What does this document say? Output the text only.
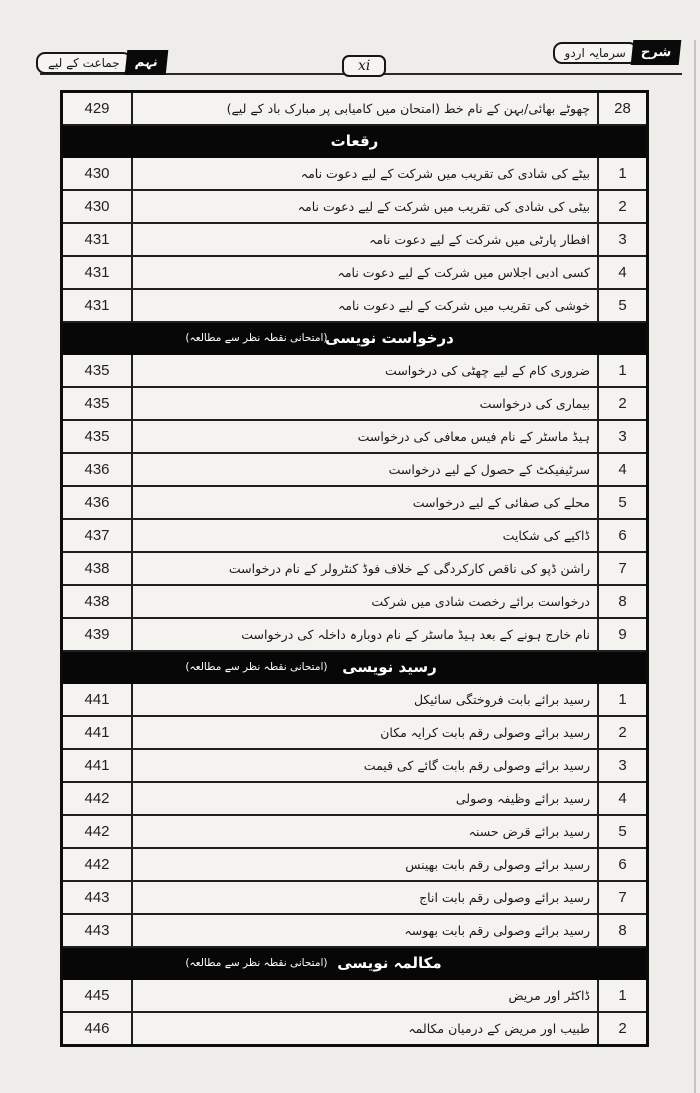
جماعت کے لیے	نہم	xi
سرمایہ اردو	شرح
429	چھوٹے بھائی/بہن کے نام خط (امتحان میں کامیابی پر مبارک باد کے لیے)	28
رقعات
430	بیٹے کی شادی کی تقریب میں شرکت کے لیے دعوت نامہ	1
430	بیٹی کی شادی کی تقریب میں شرکت کے لیے دعوت نامہ	2
431	افطار پارٹی میں شرکت کے لیے دعوت نامہ	3
431	کسی ادبی اجلاس میں شرکت کے لیے دعوت نامہ	4
431	خوشی کی تقریب میں شرکت کے لیے دعوت نامہ	5
درخواست نویسی
(امتحانی نقطہ نظر سے مطالعہ)
435	ضروری کام کے لیے چھٹی کی درخواست	1
435	بیماری کی درخواست	2
435	ہیڈ ماسٹر کے نام فیس معافی کی درخواست	3
436	سرٹیفیکٹ کے حصول کے لیے درخواست	4
436	محلے کی صفائی کے لیے درخواست	5
437	ڈاکیے کی شکایت	6
438	راشن ڈپو کی ناقص کارکردگی کے خلاف فوڈ کنٹرولر کے نام درخواست	7
438	درخواست برائے رخصت شادی میں شرکت	8
439	نام خارج ہونے کے بعد ہیڈ ماسٹر کے نام دوبارہ داخلہ کی درخواست	9
رسید نویسی
(امتحانی نقطہ نظر سے مطالعہ)
441	رسید برائے بابت فروختگی سائیکل	1
441	رسید برائے وصولی رقم بابت کرایہ مکان	2
441	رسید برائے وصولی رقم بابت گائے کی قیمت	3
442	رسید برائے وظیفہ وصولی	4
442	رسید برائے قرض حسنہ	5
442	رسید برائے وصولی رقم بابت بھینس	6
443	رسید برائے وصولی رقم بابت اناج	7
443	رسید برائے وصولی رقم بابت بھوسہ	8
مکالمہ نویسی
(امتحانی نقطہ نظر سے مطالعہ)
445	ڈاکٹر اور مریض	1
446	طبیب اور مریض کے درمیان مکالمہ	2
